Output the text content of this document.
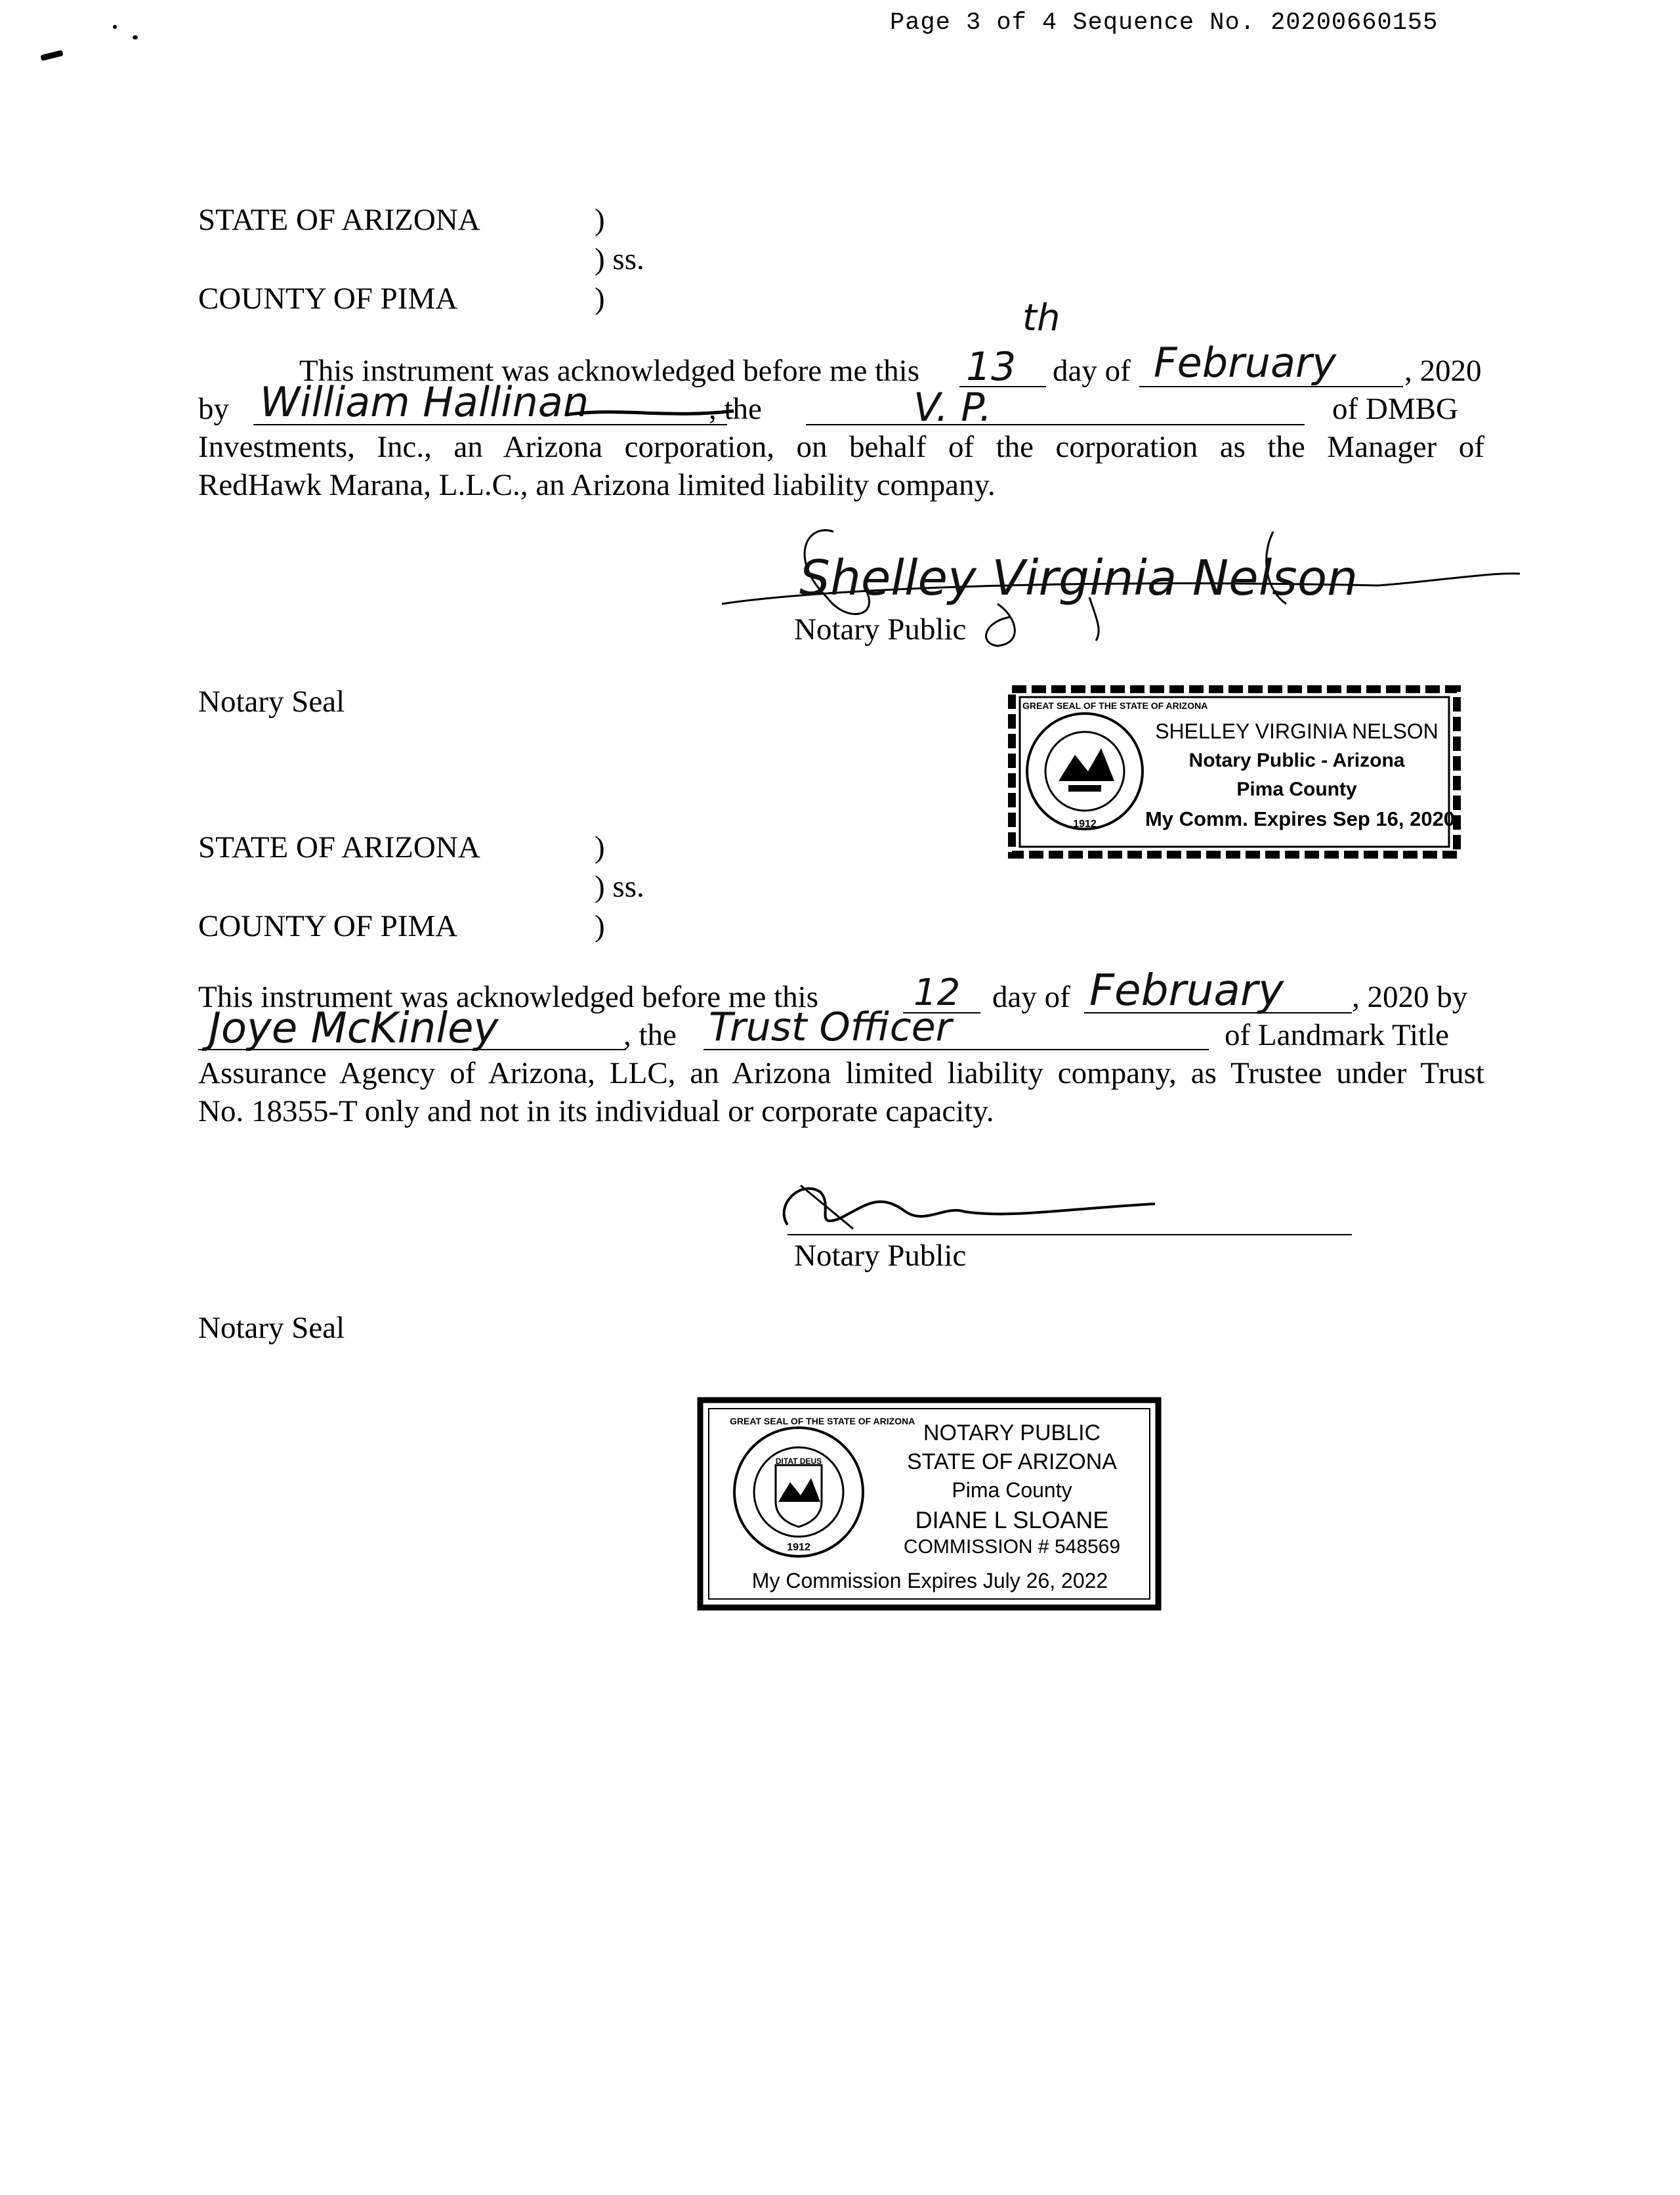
Page 3 of 4 Sequence No. 20200660155
STATE OF ARIZONA	)
) ss.
COUNTY OF PIMA	)
This instrument was acknowledged before me this 13
th
day of February , 2020
by William Hallinan	, the	V. P.	of DMBG
Investments, Inc., an Arizona corporation, on behalf of the corporation as the Manager of
RedHawk Marana, L.L.C., an Arizona limited liability company.
Shelley Virginia Nelson
Notary Public
Notary Seal	GREAT SEAL OF THE STATE OF ARIZONA
1912
SHELLEY VIRGINIA NELSON
Notary Public - Arizona
Pima County
My Comm. Expires Sep 16, 2020
STATE OF ARIZONA	)
) ss.
COUNTY OF PIMA	)
This instrument was acknowledged before me this	12 day of February , 2020 by
Joye McKinley	, the Trust Officer	of Landmark Title
Assurance Agency of Arizona, LLC, an Arizona limited liability company, as Trustee under Trust
No. 18355-T only and not in its individual or corporate capacity.
Notary Public
Notary Seal
GREAT SEAL OF THE STATE OF ARIZONA
DITAT DEUS
1912
NOTARY PUBLIC
STATE OF ARIZONA
Pima County
DIANE L SLOANE
COMMISSION # 548569
My Commission Expires July 26, 2022
